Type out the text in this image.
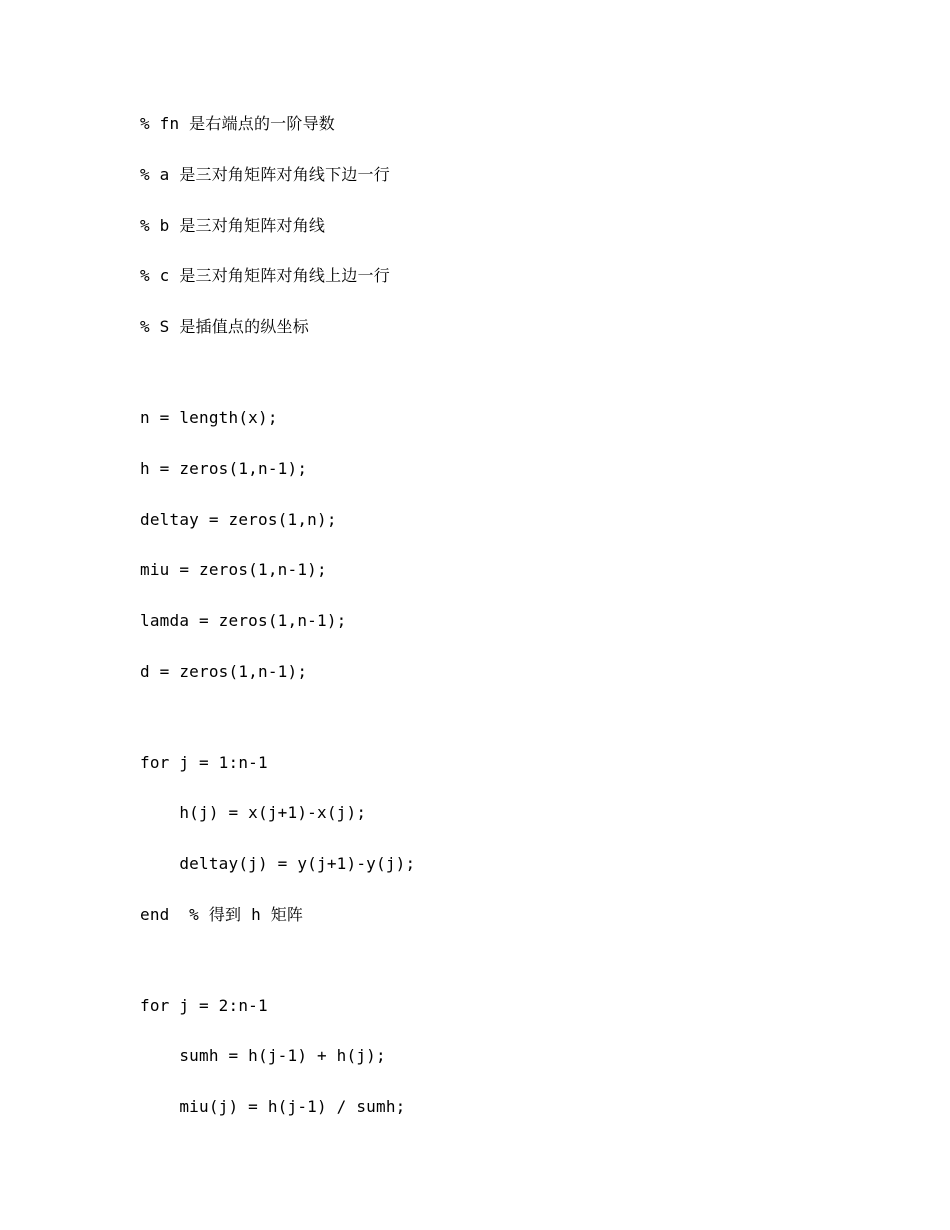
% fn 是右端点的一阶导数
% a 是三对角矩阵对角线下边一行
% b 是三对角矩阵对角线
% c 是三对角矩阵对角线上边一行
% S 是插值点的纵坐标
n = length(x);
h = zeros(1,n-1);
deltay = zeros(1,n);
miu = zeros(1,n-1);
lamda = zeros(1,n-1);
d = zeros(1,n-1);
for j = 1:n-1
h(j) = x(j+1)-x(j);
deltay(j) = y(j+1)-y(j);
end  % 得到 h 矩阵
for j = 2:n-1
sumh = h(j-1) + h(j);
miu(j) = h(j-1) / sumh;
